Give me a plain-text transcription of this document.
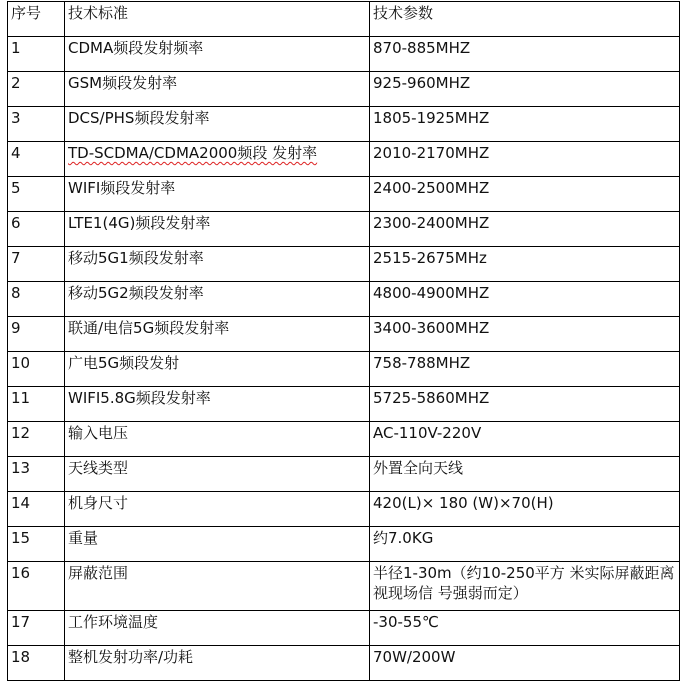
序号	技术标准	技术参数
1	CDMA频段发射频率	870-885MHZ
2	GSM频段发射率	925-960MHZ
3	DCS/PHS频段发射率	1805-1925MHZ
4	TD-SCDMA/CDMA2000频段 发射率	2010-2170MHZ
5	WIFI频段发射率	2400-2500MHZ
6	LTE1(4G)频段发射率	2300-2400MHZ
7	移动5G1频段发射率	2515-2675MHz
8	移动5G2频段发射率	4800-4900MHZ
9	联通/电信5G频段发射率	3400-3600MHZ
10	广电5G频段发射	758-788MHZ
11	WIFI5.8G频段发射率	5725-5860MHZ
12	输入电压	AC-110V-220V
13	天线类型	外置全向天线
14	机身尺寸	420(L)× 180 (W)×70(H)
15	重量	约7.0KG
16	屏蔽范围	半径1-30m（约10-250平方 米实际屏蔽距离视现场信 号强弱而定）
17	工作环境温度	-30-55℃
18	整机发射功率/功耗	70W/200W
